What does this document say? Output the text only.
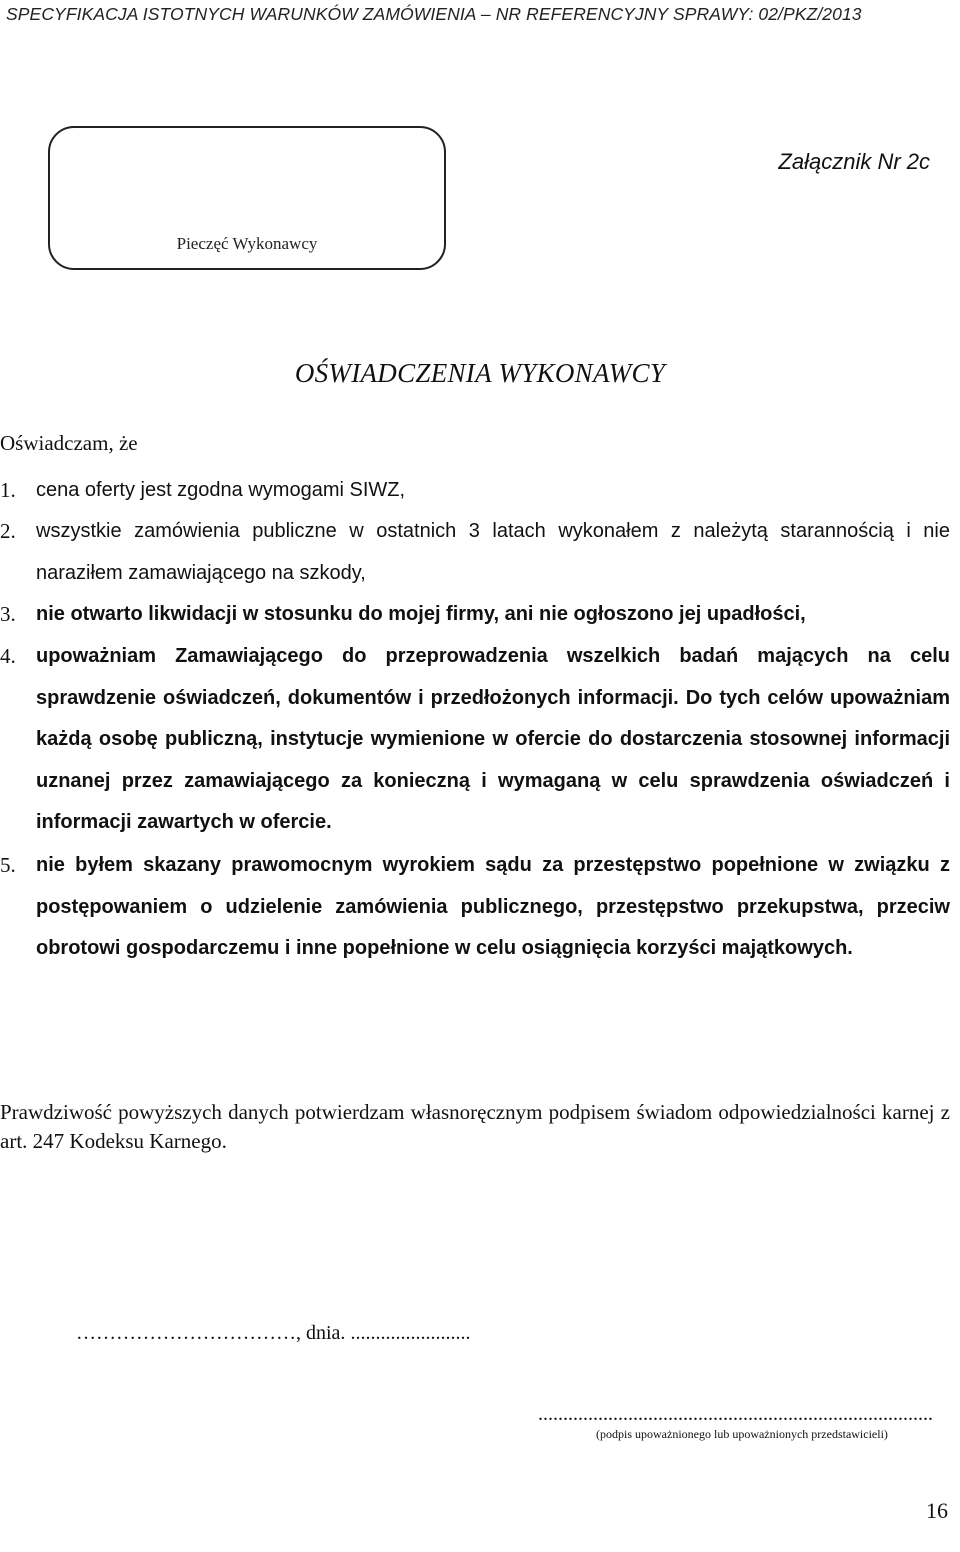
SPECYFIKACJA ISTOTNYCH WARUNKÓW ZAMÓWIENIA – NR REFERENCYJNY SPRAWY: 02/PKZ/2013
Pieczęć Wykonawcy
Załącznik Nr 2c
OŚWIADCZENIA WYKONAWCY
Oświadczam, że
1. cena oferty jest zgodna wymogami SIWZ,
2. wszystkie zamówienia publiczne w ostatnich 3 latach wykonałem z należytą starannością i nie naraziłem zamawiającego na szkody,
3. nie otwarto likwidacji w stosunku do mojej firmy, ani nie ogłoszono jej upadłości,
4. upoważniam Zamawiającego do przeprowadzenia wszelkich badań mających na celu sprawdzenie oświadczeń, dokumentów i przedłożonych informacji. Do tych celów upoważniam każdą osobę publiczną, instytucje wymienione w ofercie do dostarczenia stosownej informacji uznanej przez zamawiającego za konieczną i wymaganą w celu sprawdzenia oświadczeń i informacji zawartych w ofercie.
5. nie byłem skazany prawomocnym wyrokiem sądu za przestępstwo popełnione w związku z postępowaniem o udzielenie zamówienia publicznego, przestępstwo przekupstwa, przeciw obrotowi gospodarczemu i inne popełnione w celu osiągnięcia korzyści majątkowych.
Prawdziwość powyższych danych potwierdzam własnoręcznym podpisem świadom odpowiedzialności karnej z art. 247 Kodeksu Karnego.
……………………………, dnia. ........................
...............................................................................
(podpis upoważnionego lub upoważnionych przedstawicieli)
16
